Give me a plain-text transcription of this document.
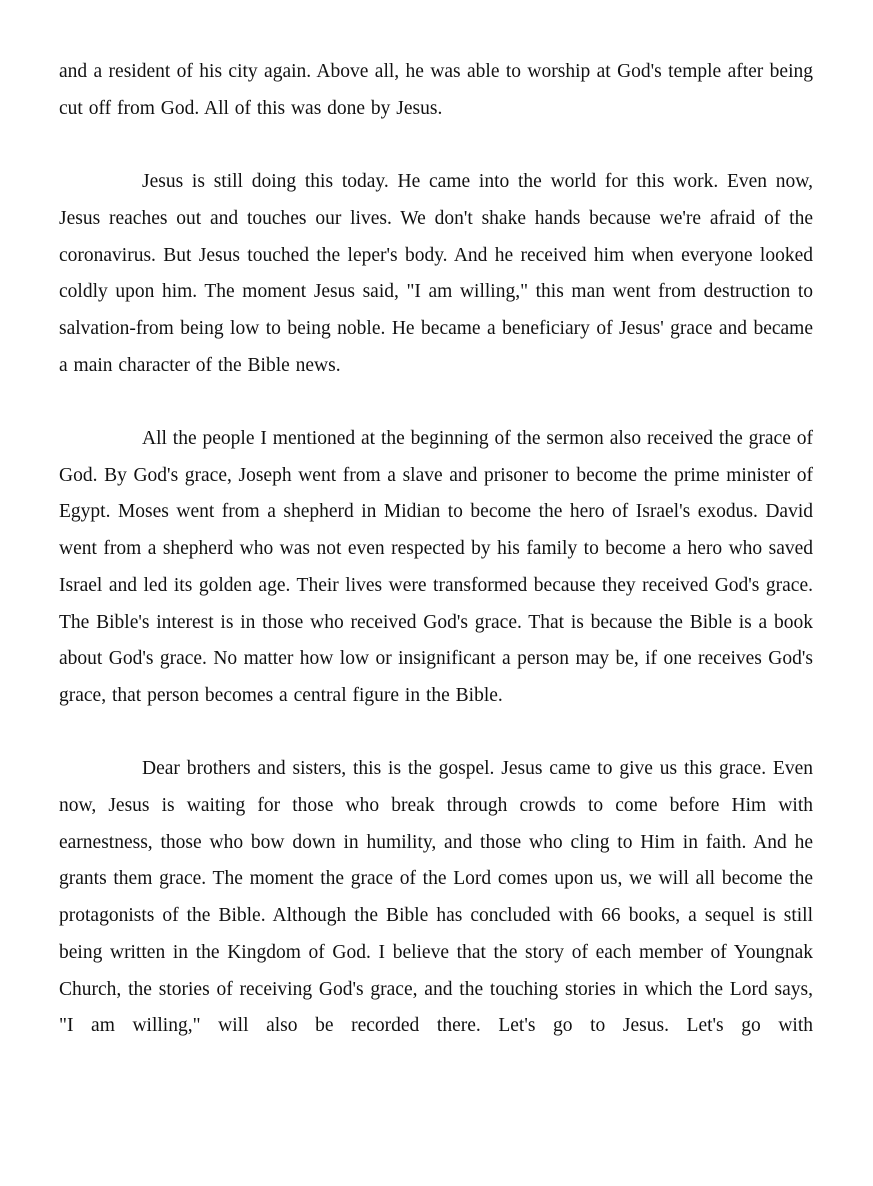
and a resident of his city again. Above all, he was able to worship at God's temple after being cut off from God. All of this was done by Jesus.

Jesus is still doing this today. He came into the world for this work. Even now, Jesus reaches out and touches our lives. We don't shake hands because we're afraid of the coronavirus. But Jesus touched the leper's body. And he received him when everyone looked coldly upon him. The moment Jesus said, "I am willing," this man went from destruction to salvation-from being low to being noble. He became a beneficiary of Jesus' grace and became a main character of the Bible news.

All the people I mentioned at the beginning of the sermon also received the grace of God. By God's grace, Joseph went from a slave and prisoner to become the prime minister of Egypt. Moses went from a shepherd in Midian to become the hero of Israel's exodus. David went from a shepherd who was not even respected by his family to become a hero who saved Israel and led its golden age. Their lives were transformed because they received God's grace. The Bible's interest is in those who received God's grace. That is because the Bible is a book about God's grace. No matter how low or insignificant a person may be, if one receives God's grace, that person becomes a central figure in the Bible.

Dear brothers and sisters, this is the gospel. Jesus came to give us this grace. Even now, Jesus is waiting for those who break through crowds to come before Him with earnestness, those who bow down in humility, and those who cling to Him in faith. And he grants them grace. The moment the grace of the Lord comes upon us, we will all become the protagonists of the Bible. Although the Bible has concluded with 66 books, a sequel is still being written in the Kingdom of God. I believe that the story of each member of Youngnak Church, the stories of receiving God's grace, and the touching stories in which the Lord says, "I am willing," will also be recorded there. Let's go to Jesus. Let's go with
